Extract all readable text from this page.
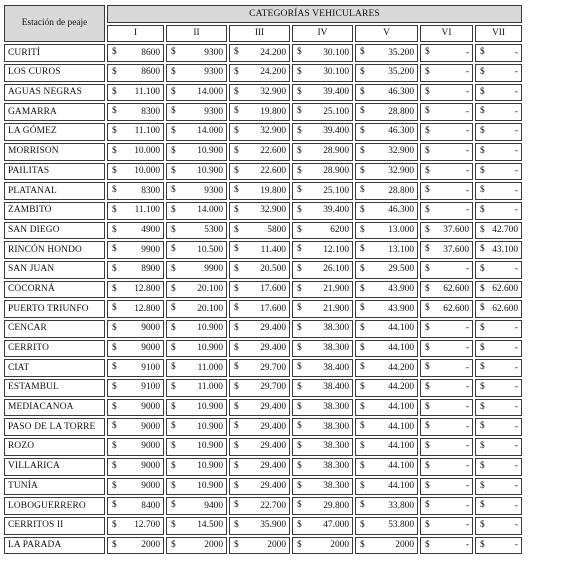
Estación de peaje	CATEGORÍAS VEHICULARES						
	I	II	III	IV	V	VI	VII
CURITÍ	$ 8600	$ 9300	$ 24.200	$ 30.100	$ 35.200	$ -	$ -

LOS CUROS	$ 8600	$ 9300	$ 24.200	$ 30.100	$ 35.200	$ -	$ -

AGUAS NEGRAS	$ 11.100	$ 14.000	$ 32.900	$ 39.400	$ 46.300	$ -	$ -

GAMARRA	$ 8300	$ 9300	$ 19.800	$ 25.100	$ 28.800	$ -	$ -

LA GÓMEZ	$ 11.100	$ 14.000	$ 32.900	$ 39.400	$ 46.300	$ -	$ -

MORRISON	$ 10.000	$ 10.900	$ 22.600	$ 28.900	$ 32.900	$ -	$ -

PAILITAS	$ 10.000	$ 10.900	$ 22.600	$ 28.900	$ 32.900	$ -	$ -

PLATANAL	$ 8300	$ 9300	$ 19.800	$ 25.100	$ 28.800	$ -	$ -

ZAMBITO	$ 11.100	$ 14.000	$ 32.900	$ 39.400	$ 46.300	$ -	$ -

SAN DIEGO	$ 4900	$ 5300	$ 5800	$ 6200	$ 13.000	$ 37.600	$ 42.700

RINCÓN HONDO	$ 9900	$ 10.500	$ 11.400	$ 12.100	$ 13.100	$ 37.600	$ 43.100

SAN JUAN	$ 8900	$ 9900	$ 20.500	$ 26.100	$ 29.500	$ -	$ -

COCORNÁ	$ 12.800	$ 20.100	$ 17.600	$ 21.900	$ 43.900	$ 62.600	$ 62.600

PUERTO TRIUNFO	$ 12.800	$ 20.100	$ 17.600	$ 21.900	$ 43.900	$ 62.600	$ 62.600

CENCAR	$ 9000	$ 10.900	$ 29.400	$ 38.300	$ 44.100	$ -	$ -

CERRITO	$ 9000	$ 10.900	$ 29.400	$ 38.300	$ 44.100	$ -	$ -

CIAT	$ 9100	$ 11.000	$ 29.700	$ 38.400	$ 44.200	$ -	$ -

ESTAMBUL	$ 9100	$ 11.000	$ 29.700	$ 38.400	$ 44.200	$ -	$ -

MEDIACANOA	$ 9000	$ 10.900	$ 29.400	$ 38.300	$ 44.100	$ -	$ -

PASO DE LA TORRE	$ 9000	$ 10.900	$ 29.400	$ 38.300	$ 44.100	$ -	$ -

ROZO	$ 9000	$ 10.900	$ 29.400	$ 38.300	$ 44.100	$ -	$ -

VILLARICA	$ 9000	$ 10.900	$ 29.400	$ 38.300	$ 44.100	$ -	$ -

TUNÍA	$ 9000	$ 10.900	$ 29.400	$ 38.300	$ 44.100	$ -	$ -

LOBOGUERRERO	$ 8400	$ 9400	$ 22.700	$ 29.800	$ 33.800	$ -	$ -

CERRITOS II	$ 12.700	$ 14.500	$ 35.900	$ 47.000	$ 53.800	$ -	$ -

LA PARADA	$ 2000	$ 2000	$ 2000	$ 2000	$ 2000	$ -	$ -
